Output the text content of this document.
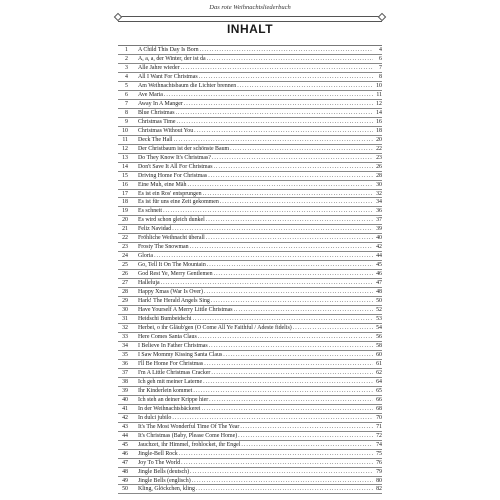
Das rote Weihnachtsliederbuch
INHALT
1 A Child This Day Is Born .....	4
2 A, a, a, der Winter, der ist da .....	6
3 Alle Jahre wieder .....	7
4 All I Want For Christmas .....	8
5 Am Weihnachtsbaum die Lichter brennen .....	10
6 Ave Maria .....	11
7 Away In A Manger .....	12
8 Blue Christmas .....	14
9 Christmas Time .....	16
10 Christmas Without You .....	18
11 Deck The Hall .....	20
12 Der Christbaum ist der schönste Baum .....	22
13 Do They Know It's Christmas? .....	23
14 Don't Save It All For Christmas .....	26
15 Driving Home For Christmas .....	28
16 Eine Muh, eine Mäh .....	30
17 Es ist ein Ros' entsprungen .....	32
18 Es ist für uns eine Zeit gekommen .....	34
19 Es schneit .....	36
20 Es wird schon gleich dunkel .....	37
21 Feliz Navidad .....	39
22 Fröhliche Weihnacht überall .....	40
23 Frosty The Snowman .....	42
24 Gloria .....	44
25 Go, Tell It On The Mountain .....	45
26 God Rest Ye, Merry Gentlemen .....	46
27 Halleluja .....	47
28 Happy Xmas (War Is Over) .....	48
29 Hark! The Herald Angels Sing .....	50
30 Have Yourself A Merry Little Christmas .....	52
31 Heidschi Bumbeidschi .....	53
32 Herbei, o ihr Gläub'gen (O Come All Ye Faithful / Adeste fidelis) .....	54
33 Here Comes Santa Claus .....	56
34 I Believe In Father Christmas .....	58
35 I Saw Mommy Kissing Santa Claus .....	60
36 I'll Be Home For Christmas .....	61
37 I'm A Little Christmas Cracker .....	62
38 Ich geh mit meiner Laterne .....	64
39 Ihr Kinderlein kommet .....	65
40 Ich steh an deiner Krippe hier .....	66
41 In der Weihnachtsbäckerei .....	68
42 In dulci jubilo .....	70
43 It's The Most Wonderful Time Of The Year .....	71
44 It's Christmas (Baby, Please Come Home) .....	72
45 Jauchzet, ihr Himmel, frohlocket, ihr Engel .....	74
46 Jingle-Bell Rock .....	75
47 Joy To The World .....	76
48 Jingle Bells (deutsch) .....	79
49 Jingle Bells (englisch) .....	80
50 Kling, Glöckchen, kling .....	82
